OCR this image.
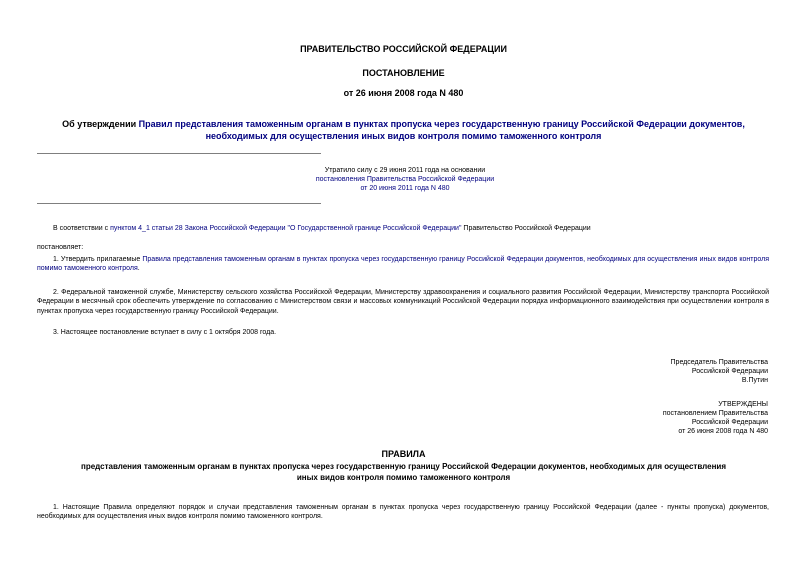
ПРАВИТЕЛЬСТВО РОССИЙСКОЙ ФЕДЕРАЦИИ
ПОСТАНОВЛЕНИЕ
от 26 июня 2008 года N 480
Об утверждении Правил представления таможенным органам в пунктах пропуска через государственную границу Российской Федерации документов,
необходимых для осуществления иных видов контроля помимо таможенного контроля
Утратило силу с 29 июня 2011 года на основании
постановления Правительства Российской Федерации
от 20 июня 2011 года N 480
В соответствии с пунктом 4_1 статьи 28 Закона Российской Федерации "О Государственной границе Российской Федерации" Правительство Российской Федерации
постановляет:
1. Утвердить прилагаемые Правила представления таможенным органам в пунктах пропуска через государственную границу Российской Федерации документов, необходимых для осуществления иных видов контроля помимо таможенного контроля.
2. Федеральной таможенной службе, Министерству сельского хозяйства Российской Федерации, Министерству здравоохранения и социального развития Российской Федерации, Министерству транспорта Российской Федерации в месячный срок обеспечить утверждение по согласованию с Министерством связи и массовых коммуникаций Российской Федерации порядка информационного взаимодействия при осуществлении контроля в пунктах пропуска через государственную границу Российской Федерации.
3. Настоящее постановление вступает в силу с 1 октября 2008 года.
Председатель Правительства
Российской Федерации
В.Путин
УТВЕРЖДЕНЫ
постановлением Правительства
Российской Федерации
от 26 июня 2008 года N 480
ПРАВИЛА
представления таможенным органам в пунктах пропуска через государственную границу Российской Федерации документов, необходимых для осуществления
иных видов контроля помимо таможенного контроля
1. Настоящие Правила определяют порядок и случаи представления таможенным органам в пунктах пропуска через государственную границу Российской Федерации (далее - пункты пропуска) документов, необходимых для осуществления иных видов контроля помимо таможенного контроля.
